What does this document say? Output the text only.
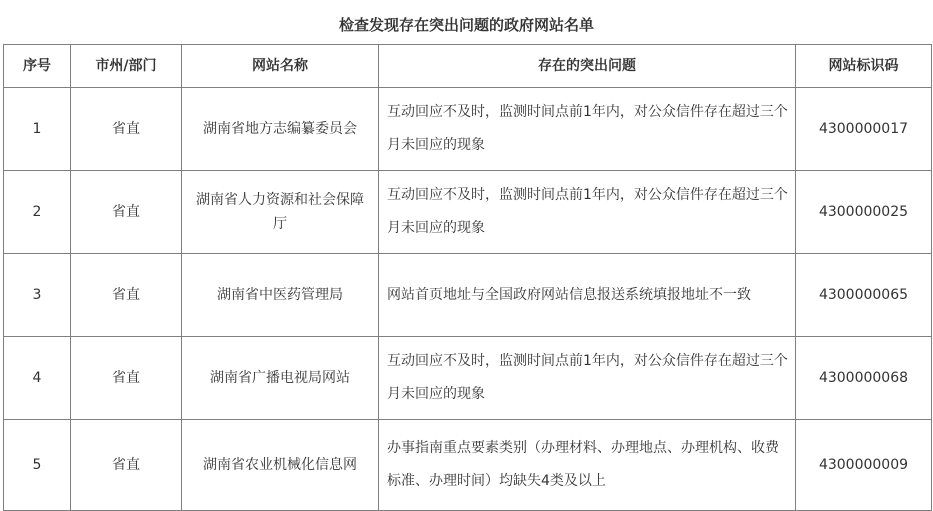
检查发现存在突出问题的政府网站名单
序号	市州/部门	网站名称	存在的突出问题	网站标识码
1	省直	湖南省地方志编纂委员会	互动回应不及时，监测时间点前1年内，对公众信件存在超过三个月未回应的现象	4300000017
2	省直	湖南省人力资源和社会保障厅	互动回应不及时，监测时间点前1年内，对公众信件存在超过三个月未回应的现象	4300000025
3	省直	湖南省中医药管理局	网站首页地址与全国政府网站信息报送系统填报地址不一致	4300000065
4	省直	湖南省广播电视局网站	互动回应不及时，监测时间点前1年内，对公众信件存在超过三个月未回应的现象	4300000068
5	省直	湖南省农业机械化信息网	办事指南重点要素类别（办理材料、办理地点、办理机构、收费标准、办理时间）均缺失4类及以上	4300000009
